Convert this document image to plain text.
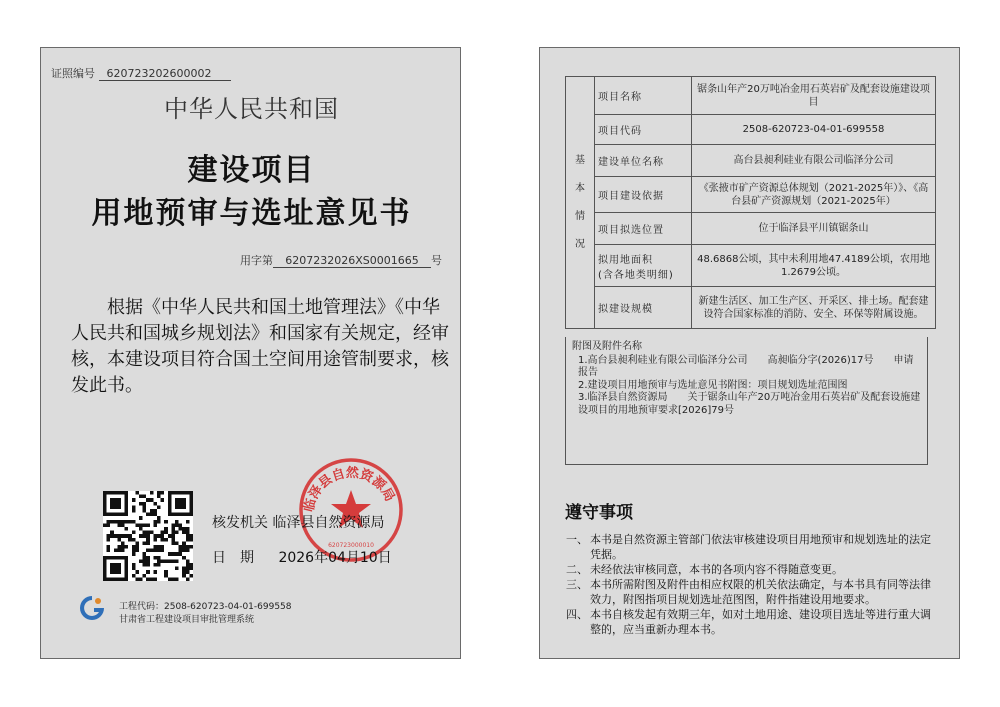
证照编号 620723202600002
中华人民共和国
建设项目
用地预审与选址意见书
用字第 6207232026XS0001665 号
根据《中华人民共和国土地管理法》《中华人民共和国城乡规划法》和国家有关规定，经审核，本建设项目符合国土空间用途管制要求，核发此书。
临泽县自然资源局
620723000010
核发机关 临泽县自然资源局
日期 2026年04月10日
工程代码：2508-620723-04-01-699558
甘肃省工程建设项目审批管理系统
基

本

情

况	项目名称	锯条山年产20万吨冶金用石英岩矿及配套设施建设项目
	项目代码	2508-620723-04-01-699558
	建设单位名称	高台县昶利硅业有限公司临泽分公司
	项目建设依据	《张掖市矿产资源总体规划（2021-2025年）》、《高台县矿产资源规划（2021-2025年）
	项目拟选位置	位于临泽县平川镇锯条山
	拟用地面积
(含各地类明细)	48.6868公顷，其中未利用地47.4189公顷，农用地1.2679公顷。
	拟建设规模	新建生活区、加工生产区、开采区、排土场。配套建设符合国家标准的消防、安全、环保等附属设施。
附图及附件名称
1.高台县昶利硅业有限公司临泽分公司　　高昶临分字(2026)17号　　申请报告
2.建设项目用地预审与选址意见书附图：项目规划选址范围图
3.临泽县自然资源局　　关于锯条山年产20万吨冶金用石英岩矿及配套设施建设项目的用地预审要求[2026]79号
遵守事项
一、 本书是自然资源主管部门依法审核建设项目用地预审和规划选址的法定凭据。
二、 未经依法审核同意，本书的各项内容不得随意变更。
三、 本书所需附图及附件由相应权限的机关依法确定，与本书具有同等法律效力，附图指项目规划选址范图图，附件指建设用地要求。
四、 本书自核发起有效期三年，如对土地用途、建设项目选址等进行重大调整的，应当重新办理本书。
